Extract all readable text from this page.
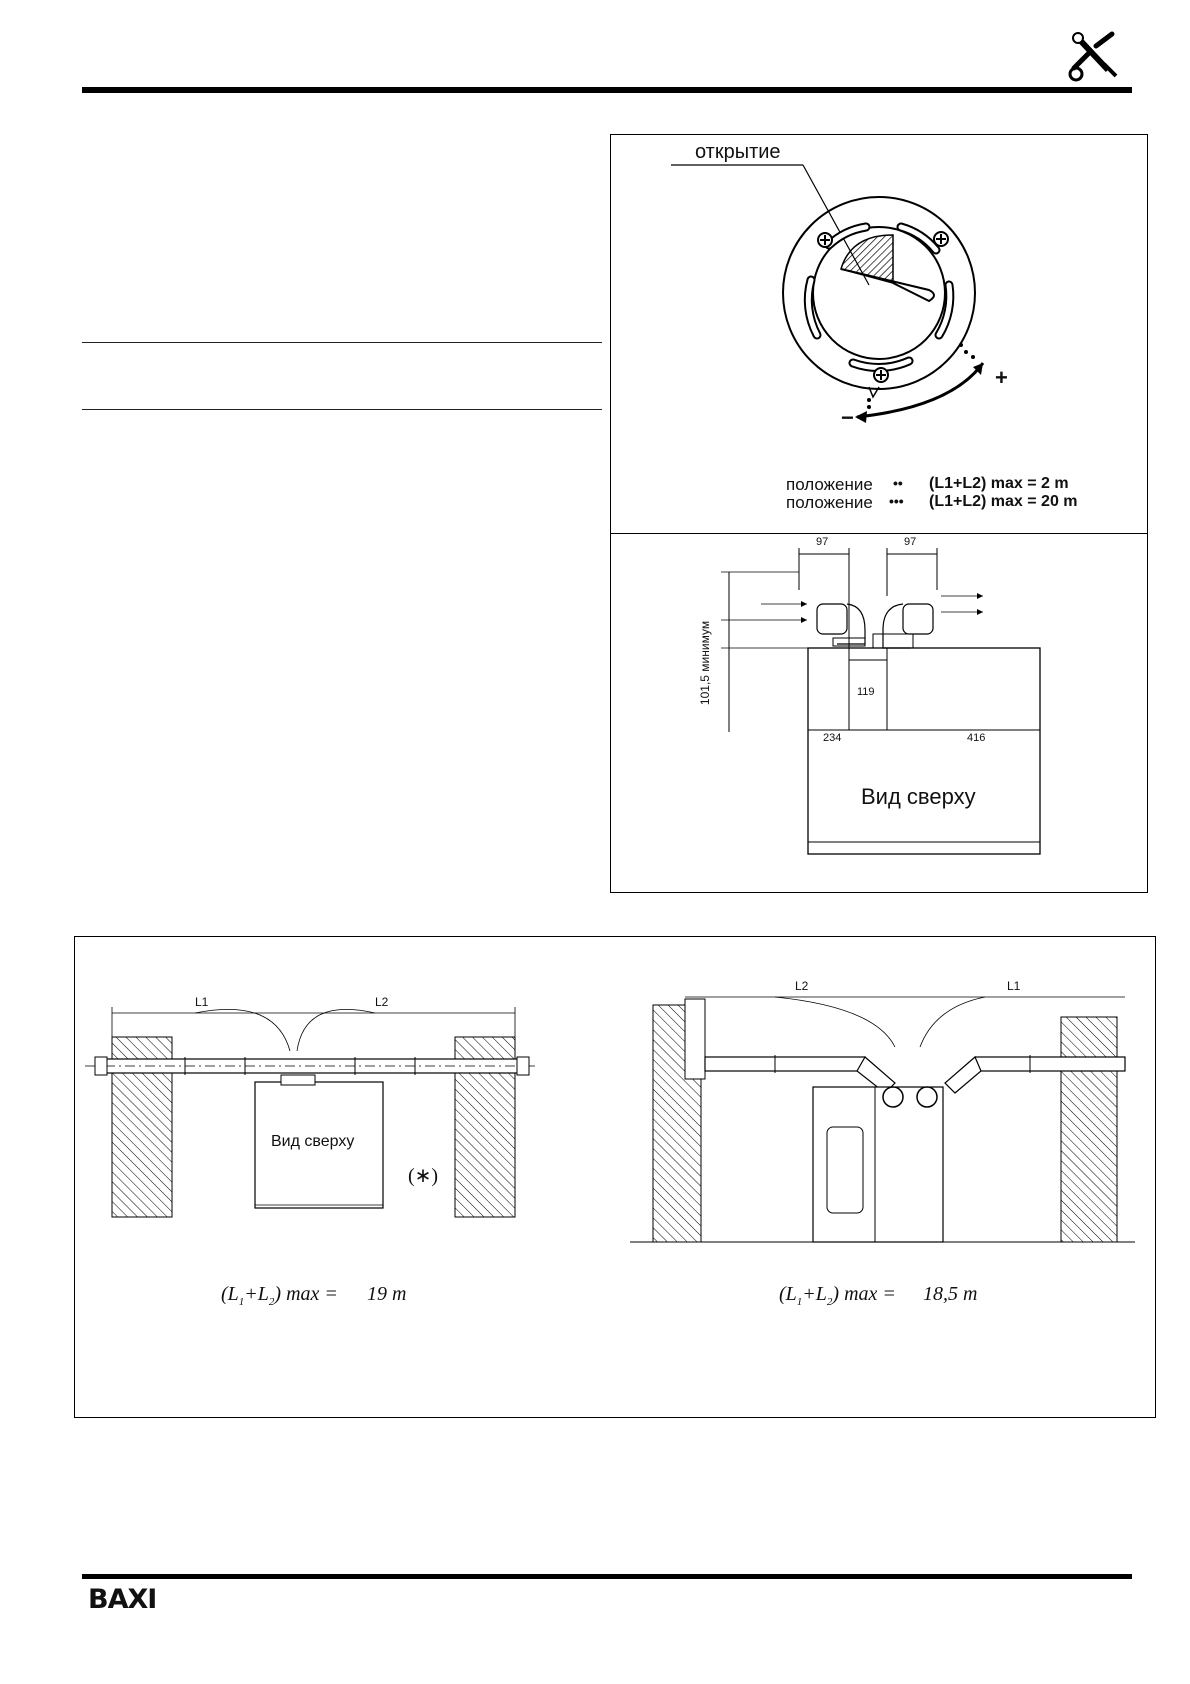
открытие
+
−
положение •• (L1+L2) max = 2 m
положение ••• (L1+L2) max = 20 m
97	97
119
234	416
101,5 минимум
Вид сверху
L1	L2
Вид сверху
(∗)
L2	L1
$(L_1+L_2) \max = 19$ m	$(L_1+L_2) \max = 18,5$ m
BAXI
